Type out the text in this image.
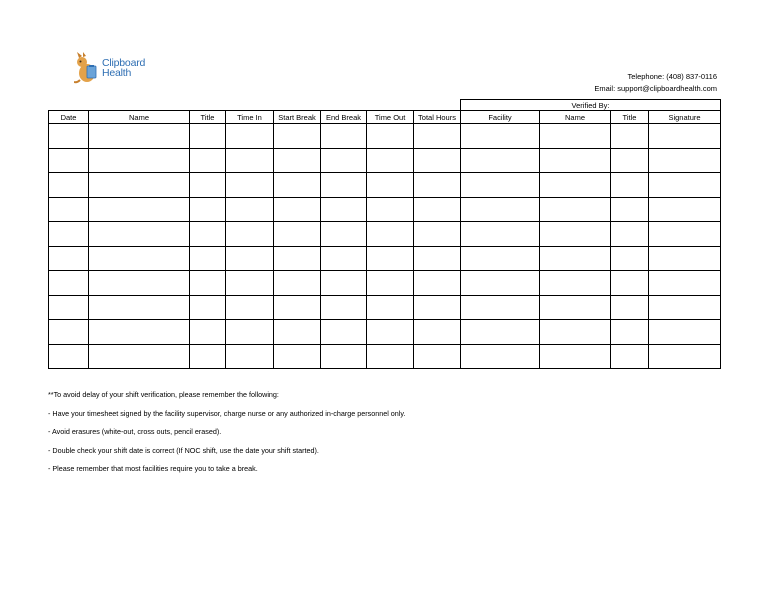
Clipboard
Health	Telephone: (408) 837-0116
Email: support@clipboardhealth.com
								Verified By:			
Date	Name	Title	Time In	Start Break	End Break	Time Out	Total Hours	Facility	Name	Title	Signature

**To avoid delay of your shift verification, please remember the following:
- Have your timesheet signed by the facility supervisor, charge nurse or any authorized in-charge personnel only.
- Avoid erasures (white-out, cross outs, pencil erased).
- Double check your shift date is correct (If NOC shift, use the date your shift started).
- Please remember that most facilities require you to take a break.
